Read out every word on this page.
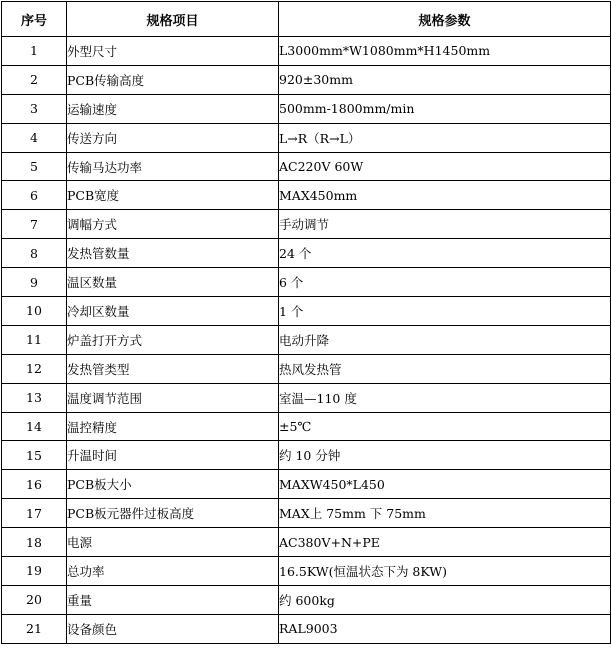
序号	规格项目	规格参数
1	外型尺寸	L3000mm*W1080mm*H1450mm
2	PCB传输高度	920±30mm
3	运输速度	500mm-1800mm/min
4	传送方向	L→R（R→L）
5	传输马达功率	AC220V 60W
6	PCB宽度	MAX450mm
7	调幅方式	手动调节
8	发热管数量	24 个
9	温区数量	6 个
10	冷却区数量	1 个
11	炉盖打开方式	电动升降
12	发热管类型	热风发热管
13	温度调节范围	室温—110 度
14	温控精度	±5℃
15	升温时间	约 10 分钟
16	PCB板大小	MAXW450*L450
17	PCB板元器件过板高度	MAX上 75mm 下 75mm
18	电源	AC380V+N+PE
19	总功率	16.5KW(恒温状态下为 8KW)
20	重量	约 600kg
21	设备颜色	RAL9003
